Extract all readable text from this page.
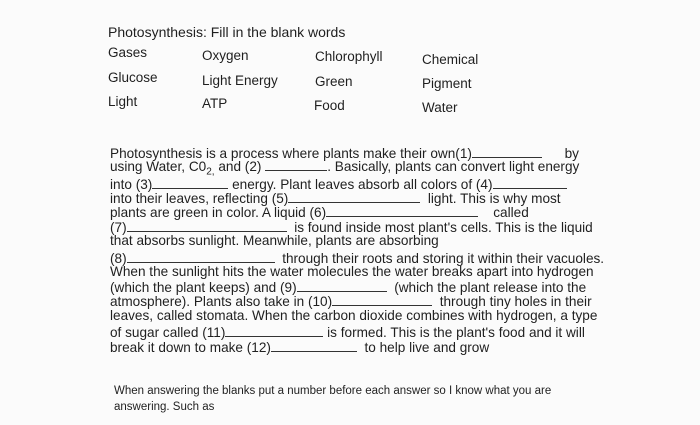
Photosynthesis: Fill in the blank words
Gases	Oxygen	Chlorophyll	Chemical
Glucose	Light Energy	Green	Pigment
Light	ATP	Food	Water
Photosynthesis is a process where plants make their own(1)	by
using Water, $C0_{2,}$ and (2)	. Basically, plants can convert light energy
into (3)	energy. Plant leaves absorb all colors of (4)
into their leaves, reflecting (5)	light. This is why most
plants are green in color. A liquid (6)	called
(7)	is found inside most plant's cells. This is the liquid
that absorbs sunlight. Meanwhile, plants are absorbing
(8)	through their roots and storing it within their vacuoles.
When the sunlight hits the water molecules the water breaks apart into hydrogen
(which the plant keeps) and (9)	(which the plant release into the
atmosphere). Plants also take in (10)	through tiny holes in their
leaves, called stomata. When the carbon dioxide combines with hydrogen, a type
of sugar called (11)	is formed. This is the plant's food and it will
break it down to make (12)	to help live and grow
When answering the blanks put a number before each answer so I know what you are
answering. Such as
